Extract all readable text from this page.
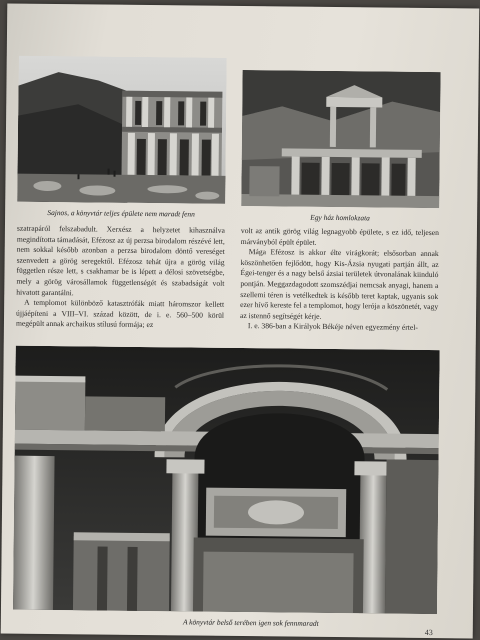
Sajnos, a könyvtár teljes épülete nem maradt fenn	Egy ház homlokzata

szatrapáról felszabadult. Xerxész a helyzetet kihasználva megindította támadását, Efézosz az új perzsa birodalom részévé lett, nem sokkal később azonban a perzsa birodalom döntő vereséget szenvedett a görög seregektől. Efézosz tehát újra a görög világ független része lett, s csakhamar be is lépett a délosi szövetségbe, mely a görög városállamok függetlenségét és szabadságát volt hivatott garantálni.

A templomot különböző katasztrófák miatt háromszor kellett újjáépíteni a VIII–VI. század között, de i. e. 560–500 körül megépült annak archaikus stílusú formája; ez

volt az antik görög világ legnagyobb épülete, s ez idő, teljesen márványból épült épület.

Mága Efézosz is akkor élte virágkorát; elsősorban annak köszönhetően fejlődött, hogy Kis-Ázsia nyugati partján állt, az Égei-tenger és a nagy belső ázsiai területek útvonalának kiinduló pontján. Meggazdagodott szomszédjai nemcsak anyagi, hanem a szellemi téren is vetélkedtek is később teret kaptak, ugyanis sok ezer hívő kereste fel a templomot, hogy lerója a köszönetét, vagy az istennő segítségét kérje.

I. e. 386-ban a Királyok Békéje néven egyezmény értel-

A könyvtár belső terében igen sok fennmaradt
43
